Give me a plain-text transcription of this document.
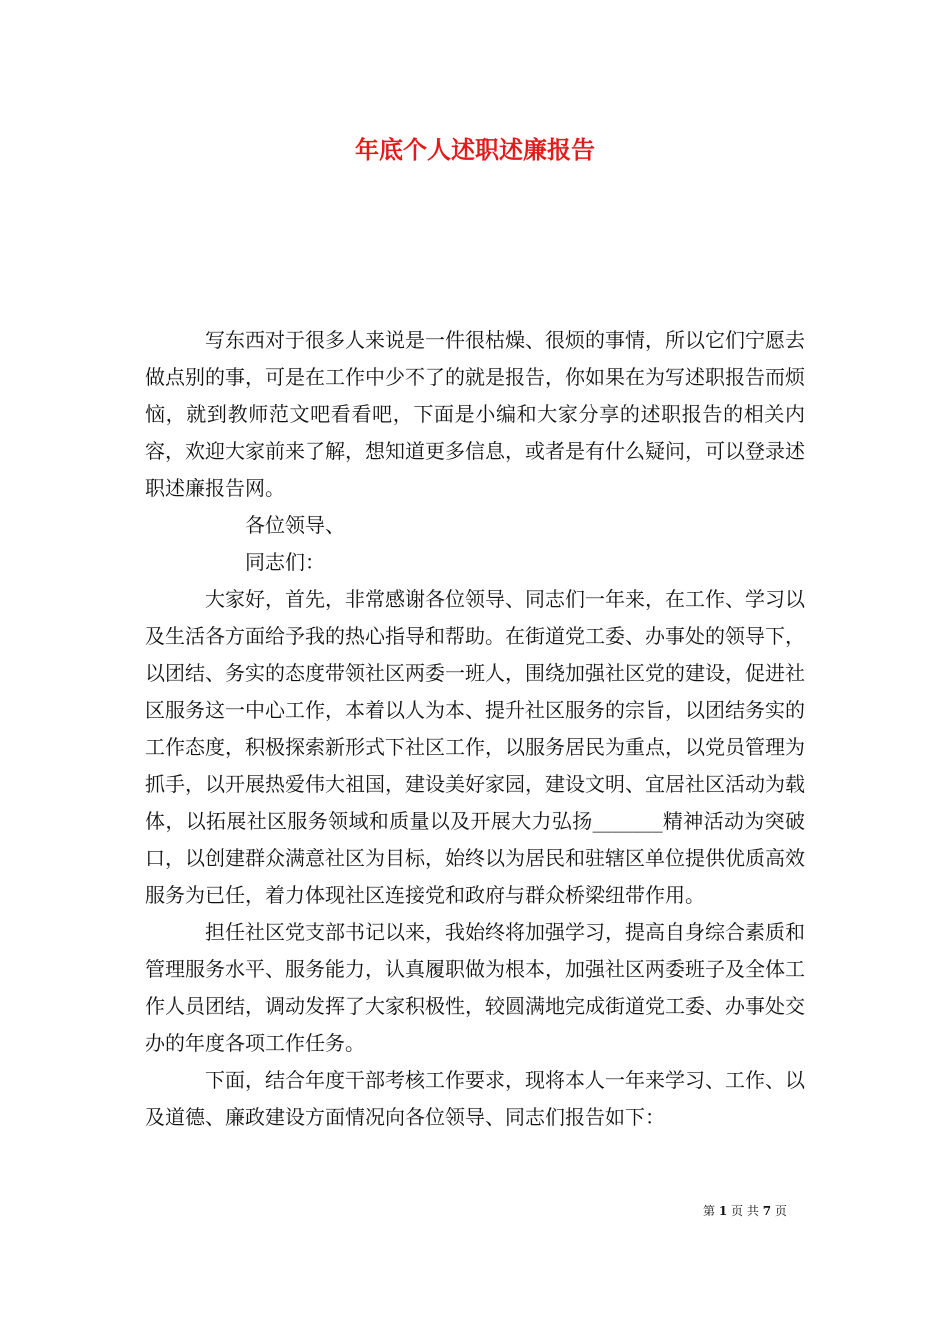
年底个人述职述廉报告

写东西对于很多人来说是一件很枯燥、很烦的事情，所以它们宁愿去做点别的事，可是在工作中少不了的就是报告，你如果在为写述职报告而烦恼，就到教师范文吧看看吧，下面是小编和大家分享的述职报告的相关内容，欢迎大家前来了解，想知道更多信息，或者是有什么疑问，可以登录述职述廉报告网。

各位领导、

同志们：

大家好，首先，非常感谢各位领导、同志们一年来，在工作、学习以及生活各方面给予我的热心指导和帮助。在街道党工委、办事处的领导下，以团结、务实的态度带领社区两委一班人，围绕加强社区党的建设，促进社区服务这一中心工作，本着以人为本、提升社区服务的宗旨，以团结务实的工作态度，积极探索新形式下社区工作，以服务居民为重点，以党员管理为抓手，以开展热爱伟大祖国，建设美好家园，建设文明、宜居社区活动为载体，以拓展社区服务领域和质量以及开展大力弘扬_______精神活动为突破口，以创建群众满意社区为目标，始终以为居民和驻辖区单位提供优质高效服务为已任，着力体现社区连接党和政府与群众桥梁纽带作用。

担任社区党支部书记以来，我始终将加强学习，提高自身综合素质和管理服务水平、服务能力，认真履职做为根本，加强社区两委班子及全体工作人员团结，调动发挥了大家积极性，较圆满地完成街道党工委、办事处交办的年度各项工作任务。

下面，结合年度干部考核工作要求，现将本人一年来学习、工作、以及道德、廉政建设方面情况向各位领导、同志们报告如下：

第 1 页 共 7 页
